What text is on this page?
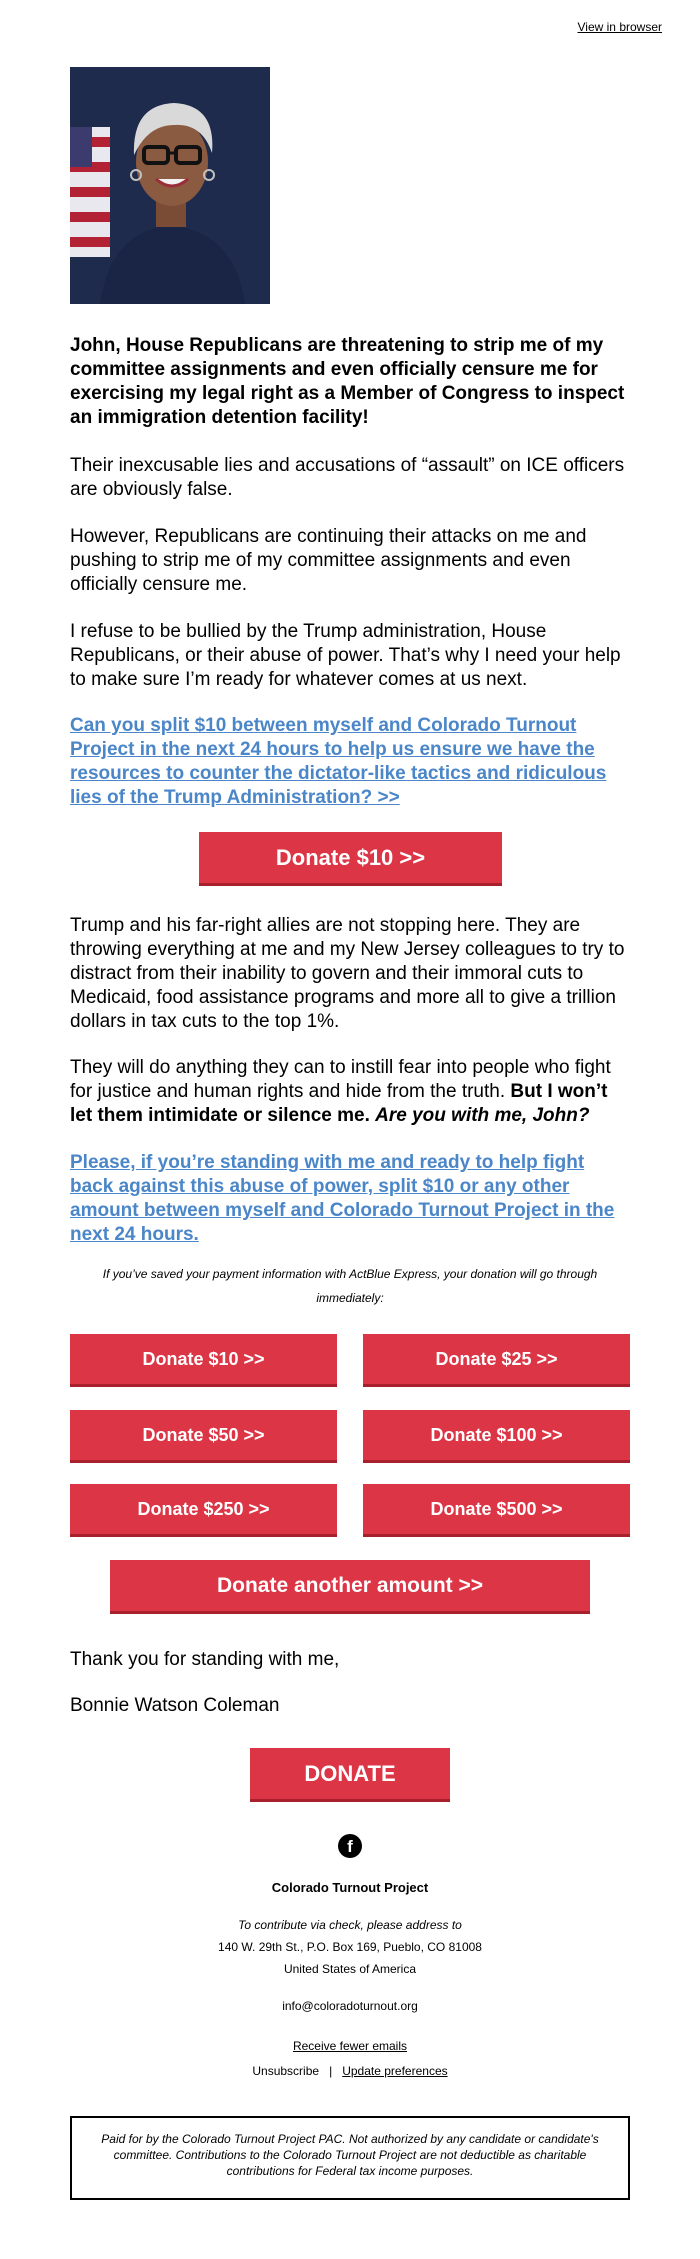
View in browser

John, House Republicans are threatening to strip me of my committee assignments and even officially censure me for exercising my legal right as a Member of Congress to inspect an immigration detention facility!

Their inexcusable lies and accusations of “assault” on ICE officers are obviously false.

However, Republicans are continuing their attacks on me and pushing to strip me of my committee assignments and even officially censure me.

I refuse to be bullied by the Trump administration, House Republicans, or their abuse of power. That’s why I need your help to make sure I’m ready for whatever comes at us next.

Can you split $10 between myself and Colorado Turnout Project in the next 24 hours to help us ensure we have the resources to counter the dictator-like tactics and ridiculous lies of the Trump Administration? >>
Donate $10 >>

Trump and his far-right allies are not stopping here. They are throwing everything at me and my New Jersey colleagues to try to distract from their inability to govern and their immoral cuts to Medicaid, food assistance programs and more all to give a trillion dollars in tax cuts to the top 1%.

They will do anything they can to instill fear into people who fight for justice and human rights and hide from the truth. But I won’t let them intimidate or silence me. Are you with me, John?

Please, if you’re standing with me and ready to help fight back against this abuse of power, split $10 or any other amount between myself and Colorado Turnout Project in the next 24 hours.

If you’ve saved your payment information with ActBlue Express, your donation will go through immediately:

Donate $10 >>	Donate $25 >>
Donate $50 >>	Donate $100 >>
Donate $250 >>	Donate $500 >>
Donate another amount >>

Thank you for standing with me,

Bonnie Watson Coleman

DONATE
f
Colorado Turnout Project
To contribute via check, please address to
140 W. 29th St., P.O. Box 169, Pueblo, CO 81008
United States of America
info@coloradoturnout.org
Receive fewer emails
Unsubscribe | Update preferences
Paid for by the Colorado Turnout Project PAC. Not authorized by any candidate or candidate's committee. Contributions to the Colorado Turnout Project are not deductible as charitable contributions for Federal tax income purposes.
